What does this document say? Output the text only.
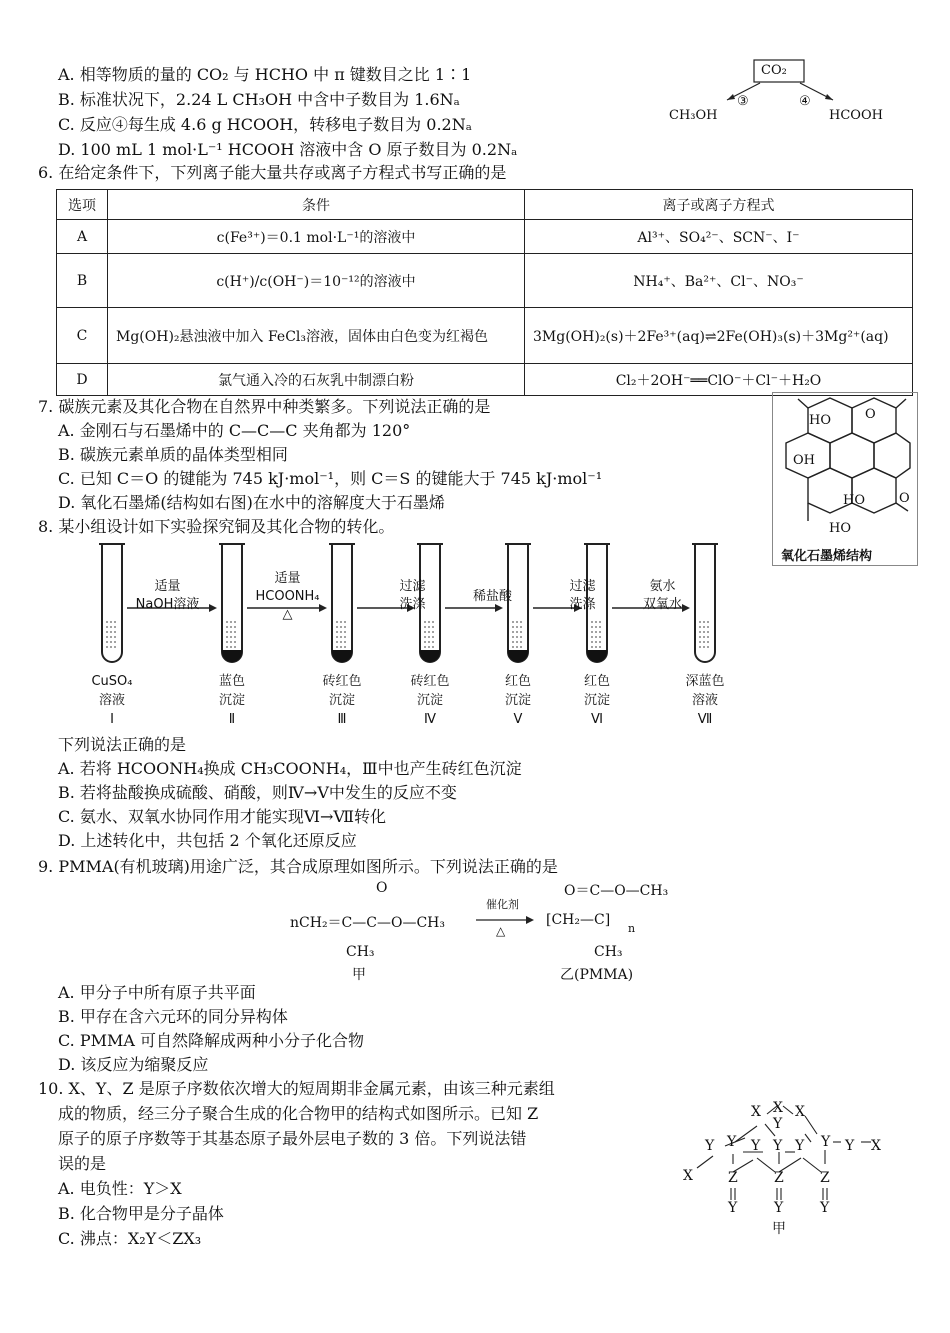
A. 相等物质的量的 CO₂ 与 HCHO 中 π 键数目之比 1∶1
B. 标准状况下，2.24 L CH₃OH 中含中子数目为 1.6Nₐ
C. 反应④每生成 4.6 g HCOOH，转移电子数目为 0.2Nₐ
D. 100 mL 1 mol·L⁻¹ HCOOH 溶液中含 O 原子数目为 0.2Nₐ
CO₂
③	④
CH₃OH	HCOOH
6. 在给定条件下，下列离子能大量共存或离子方程式书写正确的是
选项	条件	离子或离子方程式
A	c(Fe³⁺)＝0.1 mol·L⁻¹的溶液中	Al³⁺、SO₄²⁻、SCN⁻、I⁻
B	c(H⁺)/c(OH⁻)＝10⁻¹²的溶液中	NH₄⁺、Ba²⁺、Cl⁻、NO₃⁻
C	Mg(OH)₂悬浊液中加入 FeCl₃溶液，固体由白色变为红褐色	3Mg(OH)₂(s)＋2Fe³⁺(aq)⇌2Fe(OH)₃(s)＋3Mg²⁺(aq)
D	氯气通入冷的石灰乳中制漂白粉	Cl₂＋2OH⁻══ClO⁻＋Cl⁻＋H₂O
7. 碳族元素及其化合物在自然界中种类繁多。下列说法正确的是
A. 金刚石与石墨烯中的 C—C—C 夹角都为 120°
B. 碳族元素单质的晶体类型相同
C. 已知 C＝O 的键能为 745 kJ·mol⁻¹，则 C＝S 的键能大于 745 kJ·mol⁻¹
D. 氧化石墨烯(结构如右图)在水中的溶解度大于石墨烯
HO	O
OH
HO	O
HO
氧化石墨烯结构
8. 某小组设计如下实验探究铜及其化合物的转化。
适量
NaOH溶液
适量
HCOONH₄
△
过滤
洗涤
稀盐酸
过滤
洗涤
氨水
双氧水
CuSO₄
溶液
Ⅰ
蓝色
沉淀
Ⅱ
砖红色
沉淀
Ⅲ
砖红色
沉淀
Ⅳ
红色
沉淀
Ⅴ
红色
沉淀
Ⅵ
深蓝色
溶液
Ⅶ
下列说法正确的是
A. 若将 HCOONH₄换成 CH₃COONH₄，Ⅲ中也产生砖红色沉淀
B. 若将盐酸换成硫酸、硝酸，则Ⅳ→Ⅴ中发生的反应不变
C. 氨水、双氧水协同作用才能实现Ⅵ→Ⅶ转化
D. 上述转化中，共包括 2 个氧化还原反应
9. PMMA(有机玻璃)用途广泛，其合成原理如图所示。下列说法正确的是
O
nCH₂＝C—C—O—CH₃
CH₃
甲
催化剂
△
O＝C—O—CH₃
[CH₂—C]
n
CH₃
乙(PMMA)
A. 甲分子中所有原子共平面
B. 甲存在含六元环的同分异构体
C. PMMA 可自然降解成两种小分子化合物
D. 该反应为缩聚反应
10. X、Y、Z 是原子序数依次增大的短周期非金属元素，由该三种元素组
成的物质，经三分子聚合生成的化合物甲的结构式如图所示。已知 Z
原子的原子序数等于其基态原子最外层电子数的 3 倍。下列说法错
误的是
A. 电负性：Y＞X
B. 化合物甲是分子晶体
C. 沸点：X₂Y＜ZX₃
X X X
Y
Y Y Y Y Y Y Y X
X	Z	Z	Z
Y	Y	Y
甲
